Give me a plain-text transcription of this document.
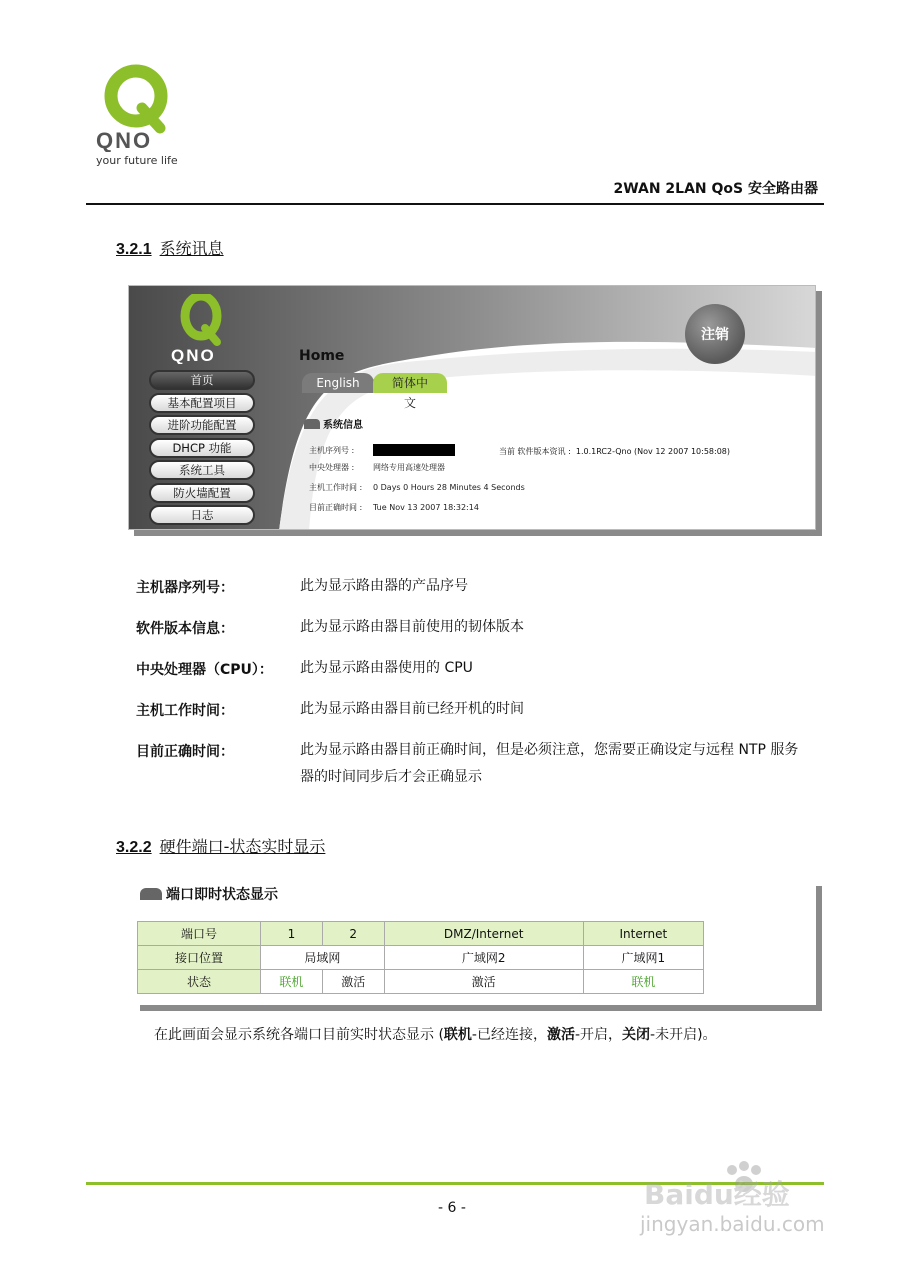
QNO
your future life
2WAN 2LAN QoS 安全路由器
3.2.1 系统讯息
QNO
注销
Home
English	简体中文
首页
基本配置项目
进阶功能配置
DHCP 功能
系统工具
防火墙配置
日志
系统信息
主机序列号 :	当前 软件版本资讯 : 1.0.1RC2-Qno (Nov 12 2007 10:58:08)
中央处理器 : 网络专用高速处理器
主机工作时间 : 0 Days 0 Hours 28 Minutes 4 Seconds
目前正确时间 : Tue Nov 13 2007 18:32:14
主机器序列号：	此为显示路由器的产品序号
软件版本信息：	此为显示路由器目前使用的韧体版本
中央处理器（CPU）： 此为显示路由器使用的 CPU
主机工作时间：	此为显示路由器目前已经开机的时间
目前正确时间：	此为显示路由器目前正确时间，但是必须注意，您需要正确设定与远程 NTP 服务器的时间同步后才会正确显示
3.2.2 硬件端口-状态实时显示
端口即时状态显示
端口号	1	2	DMZ/Internet	Internet
接口位置	局域网		广域网2	广域网1
状态	联机	激活	激活	联机
在此画面会显示系统各端口目前实时状态显示 (联机-已经连接，激活-开启，关闭-未开启)。
- 6 -	Baidu经验
jingyan.baidu.com
